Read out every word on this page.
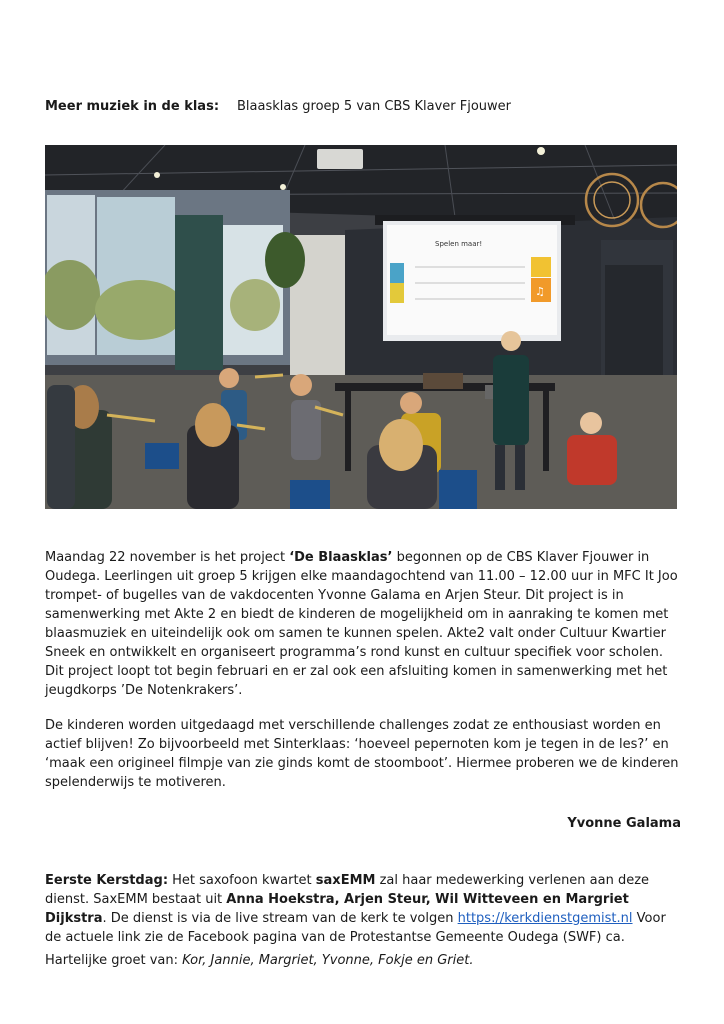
Meer muziek in de klas: Blaasklas groep 5 van CBS Klaver Fjouwer
Spelen maar!
♫

Maandag 22 november is het project ‘De Blaasklas’ begonnen op de CBS Klaver Fjouwer in Oudega. Leerlingen uit groep 5 krijgen elke maandagochtend van 11.00 – 12.00 uur in MFC It Joo trompet- of bugelles van de vakdocenten Yvonne Galama en Arjen Steur. Dit project is in samenwerking met Akte 2 en biedt de kinderen de mogelijkheid om in aanraking te komen met blaasmuziek en uiteindelijk ook om samen te kunnen spelen. Akte2 valt onder Cultuur Kwartier Sneek en ontwikkelt en organiseert programma’s rond kunst en cultuur specifiek voor scholen. Dit project loopt tot begin februari en er zal ook een afsluiting komen in samenwerking met het jeugdkorps ’De Notenkrakers’.

De kinderen worden uitgedaagd met verschillende challenges zodat ze enthousiast worden en actief blijven! Zo bijvoorbeeld met Sinterklaas: ‘hoeveel pepernoten kom je tegen in de les?’ en ‘maak een origineel filmpje van zie ginds komt de stoomboot’. Hiermee proberen we de kinderen spelenderwijs te motiveren.

Yvonne Galama

Eerste Kerstdag: Het saxofoon kwartet saxEMM zal haar medewerking verlenen aan deze dienst. SaxEMM bestaat uit Anna Hoekstra, Arjen Steur, Wil Witteveen en Margriet Dijkstra. De dienst is via de live stream van de kerk te volgen https://kerkdienstgemist.nl Voor de actuele link zie de Facebook pagina van de Protestantse Gemeente Oudega (SWF) ca.

Hartelijke groet van: Kor, Jannie, Margriet, Yvonne, Fokje en Griet.
